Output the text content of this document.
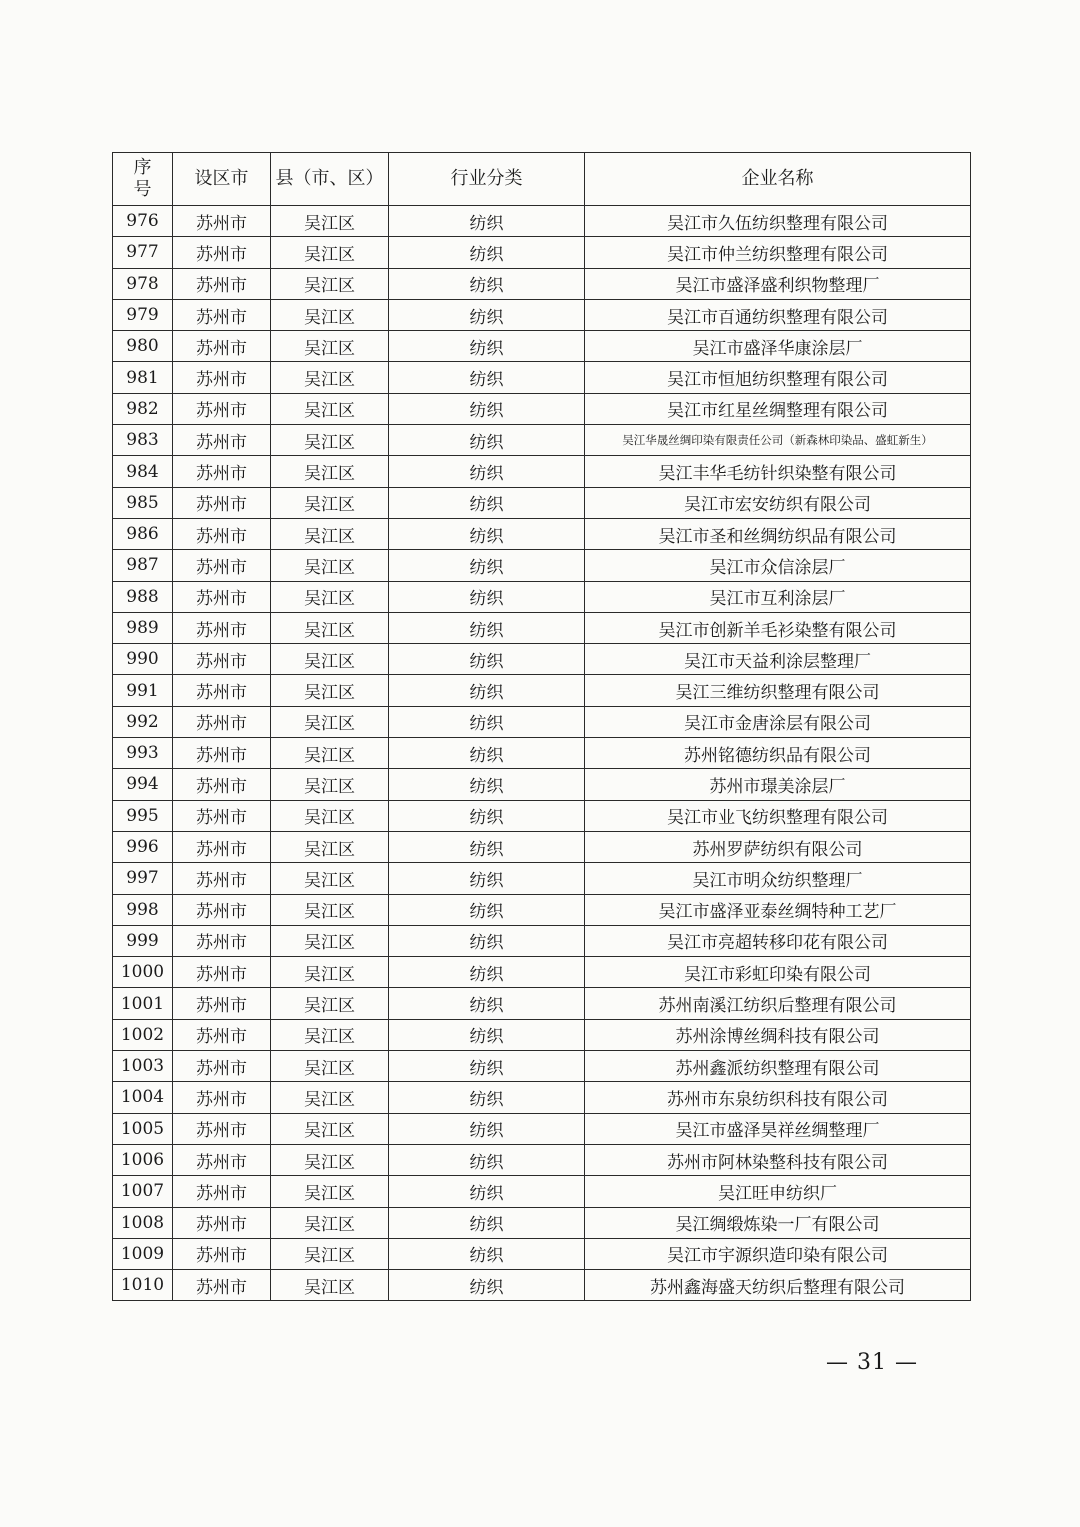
序
号	设区市	县（市、区）	行业分类	企业名称
976	苏州市	吴江区	纺织	吴江市久伍纺织整理有限公司
977	苏州市	吴江区	纺织	吴江市仲兰纺织整理有限公司
978	苏州市	吴江区	纺织	吴江市盛泽盛利织物整理厂
979	苏州市	吴江区	纺织	吴江市百通纺织整理有限公司
980	苏州市	吴江区	纺织	吴江市盛泽华康涂层厂
981	苏州市	吴江区	纺织	吴江市恒旭纺织整理有限公司
982	苏州市	吴江区	纺织	吴江市红星丝绸整理有限公司
983	苏州市	吴江区	纺织	吴江华晟丝绸印染有限责任公司（新森林印染品、盛虹新生）
984	苏州市	吴江区	纺织	吴江丰华毛纺针织染整有限公司
985	苏州市	吴江区	纺织	吴江市宏安纺织有限公司
986	苏州市	吴江区	纺织	吴江市圣和丝绸纺织品有限公司
987	苏州市	吴江区	纺织	吴江市众信涂层厂
988	苏州市	吴江区	纺织	吴江市互利涂层厂
989	苏州市	吴江区	纺织	吴江市创新羊毛衫染整有限公司
990	苏州市	吴江区	纺织	吴江市天益利涂层整理厂
991	苏州市	吴江区	纺织	吴江三维纺织整理有限公司
992	苏州市	吴江区	纺织	吴江市金唐涂层有限公司
993	苏州市	吴江区	纺织	苏州铭德纺织品有限公司
994	苏州市	吴江区	纺织	苏州市璟美涂层厂
995	苏州市	吴江区	纺织	吴江市业飞纺织整理有限公司
996	苏州市	吴江区	纺织	苏州罗萨纺织有限公司
997	苏州市	吴江区	纺织	吴江市明众纺织整理厂
998	苏州市	吴江区	纺织	吴江市盛泽亚泰丝绸特种工艺厂
999	苏州市	吴江区	纺织	吴江市亮超转移印花有限公司
1000	苏州市	吴江区	纺织	吴江市彩虹印染有限公司
1001	苏州市	吴江区	纺织	苏州南溪江纺织后整理有限公司
1002	苏州市	吴江区	纺织	苏州涂博丝绸科技有限公司
1003	苏州市	吴江区	纺织	苏州鑫派纺织整理有限公司
1004	苏州市	吴江区	纺织	苏州市东泉纺织科技有限公司
1005	苏州市	吴江区	纺织	吴江市盛泽昊祥丝绸整理厂
1006	苏州市	吴江区	纺织	苏州市阿林染整科技有限公司
1007	苏州市	吴江区	纺织	吴江旺申纺织厂
1008	苏州市	吴江区	纺织	吴江绸缎炼染一厂有限公司
1009	苏州市	吴江区	纺织	吴江市宇源织造印染有限公司
1010	苏州市	吴江区	纺织	苏州鑫海盛天纺织后整理有限公司
— 31 —
